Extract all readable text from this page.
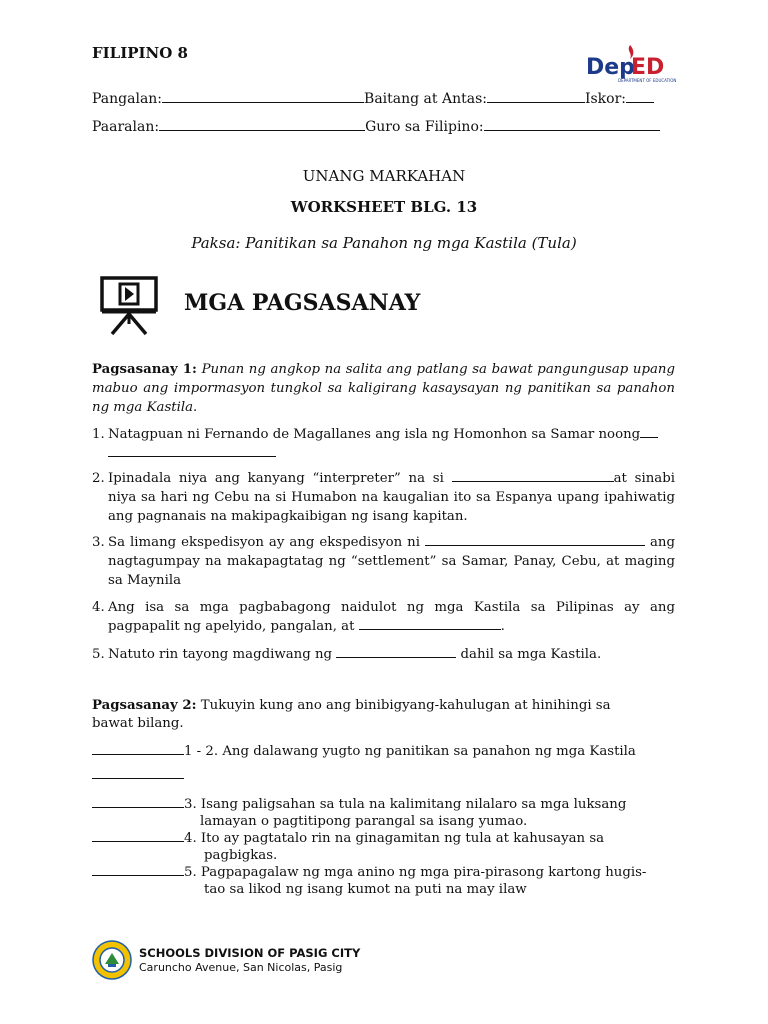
FILIPINO 8
Dep
ED
DEPARTMENT OF EDUCATION
Pangalan:	Baitang at Antas:	Iskor:
Paaralan:	Guro sa Filipino:
UNANG MARKAHAN
WORKSHEET BLG. 13
Paksa: Panitikan sa Panahon ng mga Kastila (Tula)
MGA PAGSASANAY
Pagsasanay 1: Punan ng angkop na salita ang patlang sa bawat pangungusap upang mabuo ang impormasyon tungkol sa kaligirang kasaysayan ng panitikan sa panahon ng mga Kastila.
1. Natagpuan ni Fernando de Magallanes ang isla ng Homonhon sa Samar noong

2. Ipinadala niya ang kanyang “interpreter” na si	at sinabi niya sa hari ng Cebu na si Humabon na kaugalian ito sa Espanya upang ipahiwatig ang pagnanais na makipagkaibigan ng isang kapitan.
3. Sa limang ekspedisyon ay ang ekspedisyon ni	ang nagtagumpay na makapagtatag ng “settlement” sa Samar, Panay, Cebu, at maging sa Maynila
4. Ang isa sa mga pagbabagong naidulot ng mga Kastila sa Pilipinas ay ang pagpapalit ng apelyido, pangalan, at	.
5. Natuto rin tayong magdiwang ng	dahil sa mga Kastila.
Pagsasanay 2: Tukuyin kung ano ang binibigyang-kahulugan at hinihingi sa
bawat bilang.
1 - 2. Ang dalawang yugto ng panitikan sa panahon ng mga Kastila
3. Isang paligsahan sa tula na kalimitang nilalaro sa mga luksang
lamayan o pagtitipong parangal sa isang yumao.
4. Ito ay pagtatalo rin na ginagamitan ng tula at kahusayan sa
pagbigkas.
5. Pagpapagalaw ng mga anino ng mga pira-pirasong kartong hugis-
tao sa likod ng isang kumot na puti na may ilaw
SCHOOLS DIVISION OF PASIG CITY
Caruncho Avenue, San Nicolas, Pasig
